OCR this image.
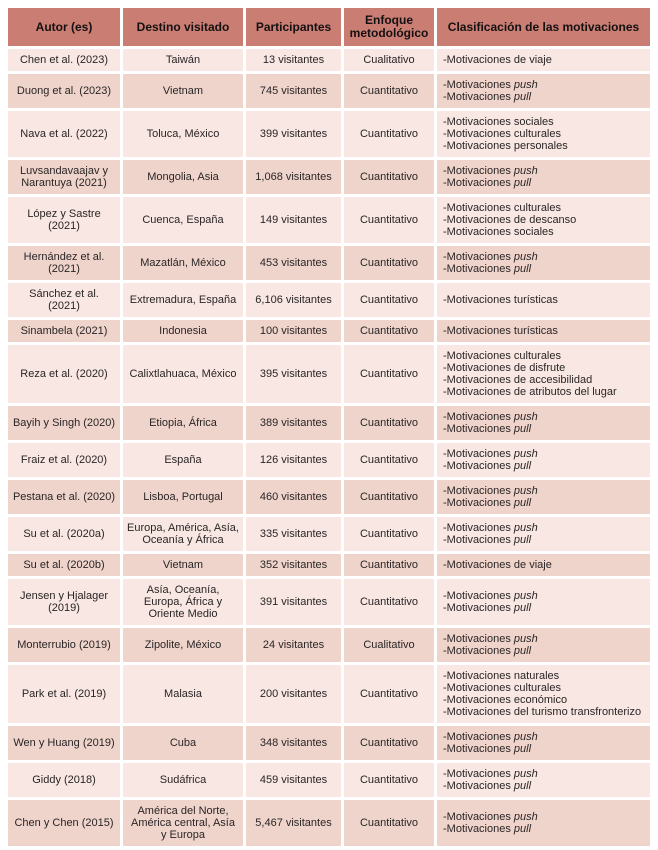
Autor (es)	Destino visitado	Participantes	Enfoque metodológico	Clasificación de las motivaciones
Chen et al. (2023)	Taiwán	13 visitantes	Cualitativo	-Motivaciones de viaje

Duong et al. (2023)	Vietnam	745 visitantes	Cuantitativo	-Motivaciones push
-Motivaciones pull

Nava et al. (2022)	Toluca, México	399 visitantes	Cuantitativo	-Motivaciones sociales
-Motivaciones culturales
-Motivaciones personales

Luvsandavaajav y Narantuya (2021)	Mongolia, Asia	1,068 visitantes	Cuantitativo	-Motivaciones push
-Motivaciones pull

López y Sastre (2021)	Cuenca, España	149 visitantes	Cuantitativo	-Motivaciones culturales
-Motivaciones de descanso
-Motivaciones sociales

Hernández et al. (2021)	Mazatlán, México	453 visitantes	Cuantitativo	-Motivaciones push
-Motivaciones pull

Sánchez et al. (2021)	Extremadura, España	6,106 visitantes	Cuantitativo	-Motivaciones turísticas

Sinambela (2021)	Indonesia	100 visitantes	Cuantitativo	-Motivaciones turísticas

Reza et al. (2020)	Calixtlahuaca, México	395 visitantes	Cuantitativo	-Motivaciones culturales
-Motivaciones de disfrute
-Motivaciones de accesibilidad
-Motivaciones de atributos del lugar

Bayih y Singh (2020)	Etiopia, África	389 visitantes	Cuantitativo	-Motivaciones push
-Motivaciones pull

Fraiz et al. (2020)	España	126 visitantes	Cuantitativo	-Motivaciones push
-Motivaciones pull

Pestana et al. (2020)	Lisboa, Portugal	460 visitantes	Cuantitativo	-Motivaciones push
-Motivaciones pull

Su et al. (2020a)	Europa, América, Asía, Oceanía y África	335 visitantes	Cuantitativo	-Motivaciones push
-Motivaciones pull

Su et al. (2020b)	Vietnam	352 visitantes	Cuantitativo	-Motivaciones de viaje

Jensen y Hjalager (2019)	Asía, Oceanía, Europa, África y Oriente Medio	391 visitantes	Cuantitativo	-Motivaciones push
-Motivaciones pull

Monterrubio (2019)	Zipolite, México	24 visitantes	Cualitativo	-Motivaciones push
-Motivaciones pull

Park et al. (2019)	Malasia	200 visitantes	Cuantitativo	-Motivaciones naturales
-Motivaciones culturales
-Motivaciones económico
-Motivaciones del turismo transfronterizo

Wen y Huang (2019)	Cuba	348 visitantes	Cuantitativo	-Motivaciones push
-Motivaciones pull

Giddy (2018)	Sudáfrica	459 visitantes	Cuantitativo	-Motivaciones push
-Motivaciones pull

Chen y Chen (2015)	América del Norte, América central, Asía y Europa	5,467 visitantes	Cuantitativo	-Motivaciones push
-Motivaciones pull
